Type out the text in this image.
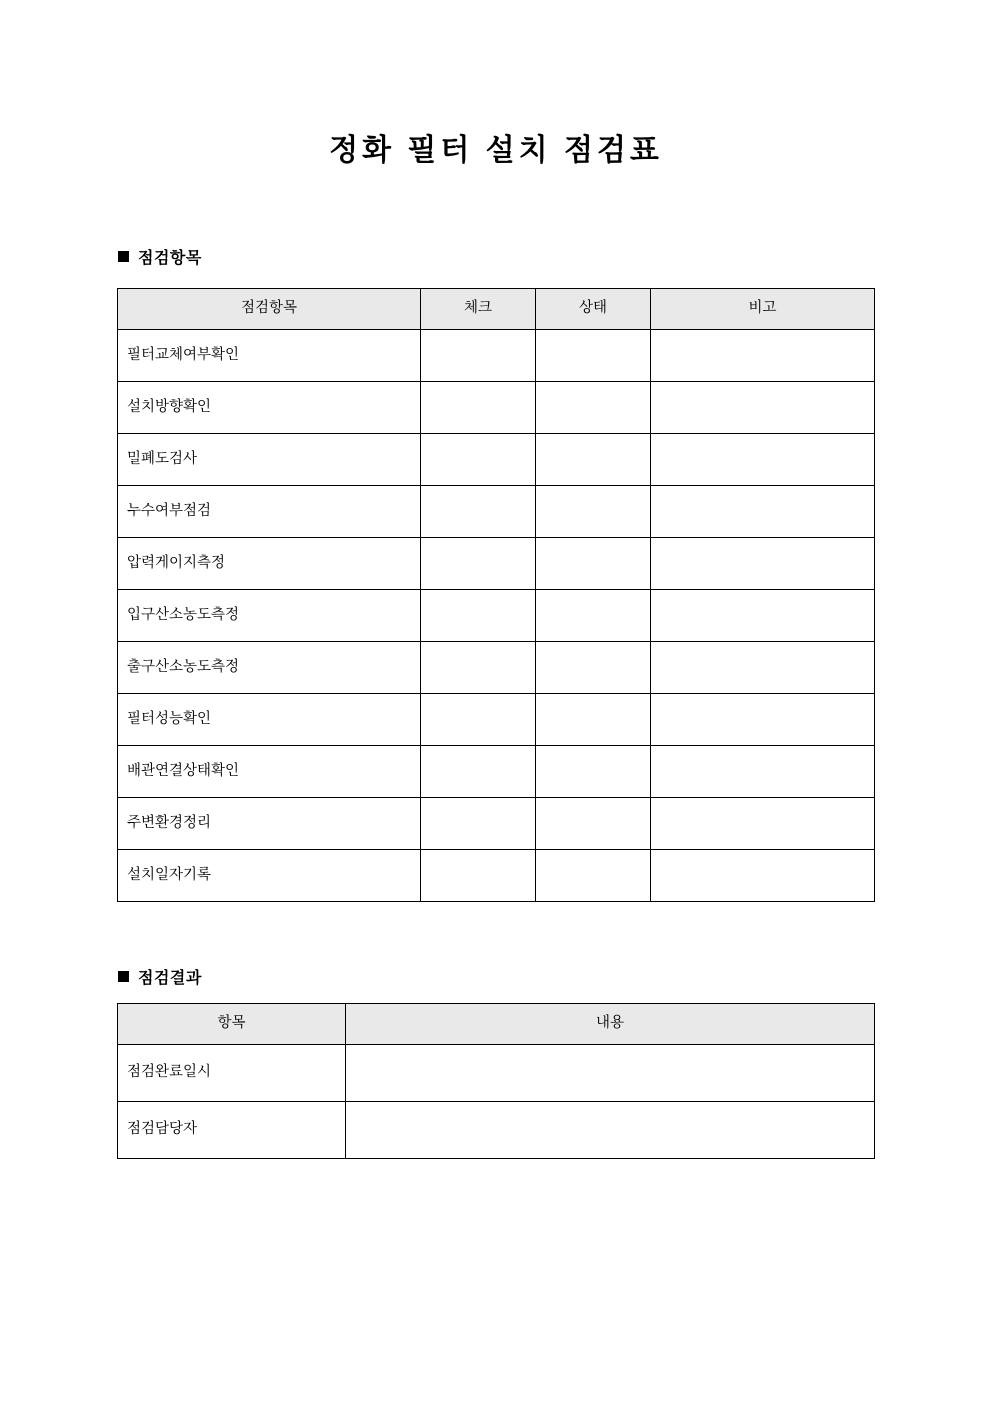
정화 필터 설치 점검표
점검항목
점검항목	체크	상태	비고
필터교체여부확인			
설치방향확인			
밀폐도검사			
누수여부점검			
압력게이지측정			
입구산소농도측정			
출구산소농도측정			
필터성능확인			
배관연결상태확인			
주변환경정리			
설치일자기록			
점검결과
항목	내용
점검완료일시	
점검담당자	
